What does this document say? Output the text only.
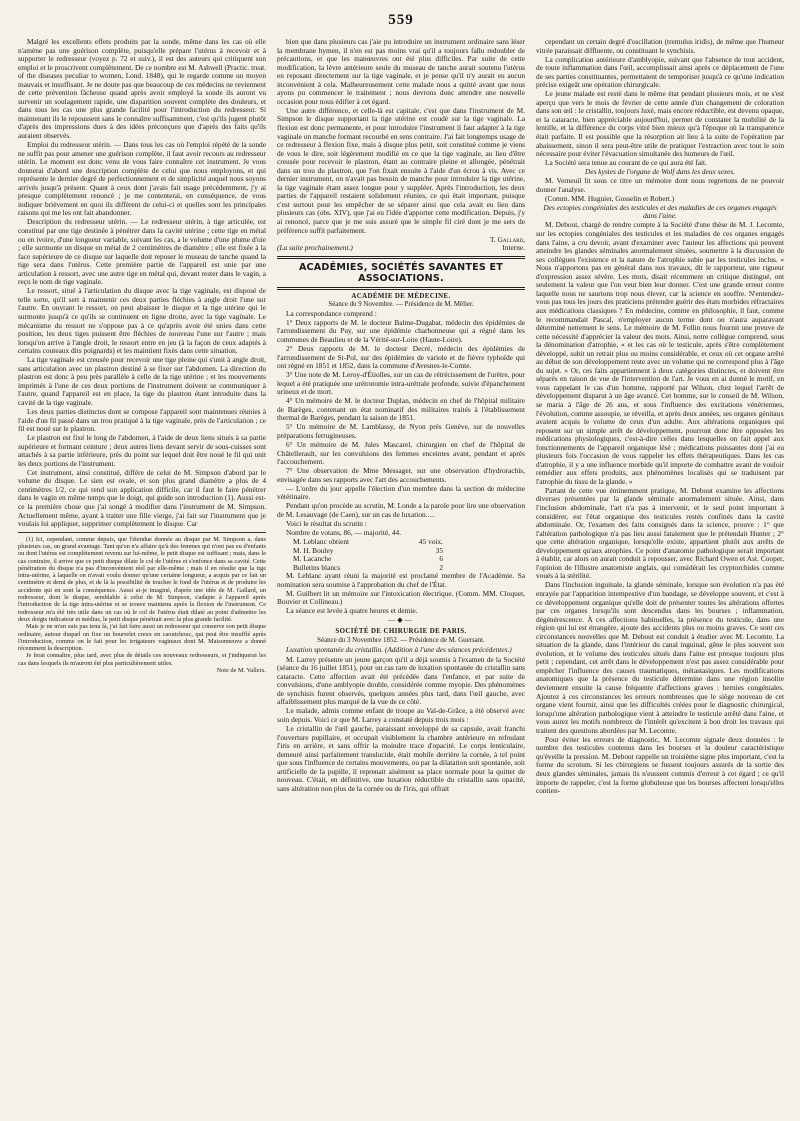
559

Malgré les excellents effets produits par la sonde, même dans les cas où elle n'amène pas une guérison complète, puisqu'elle prépare l'utérus à recevoir et à supporter le redresseur (voyez p. 72 et suiv.), il est des auteurs qui critiquent son emploi et le proscrivent complètement. De ce nombre est M. Ashwell (Practic. treat. of the diseases peculiar to women, Lond. 1848), qui le regarde comme un moyen mauvais et insuffisant. Je ne doute pas que beaucoup de ces médecins ne reviennent de cette prévention fâcheuse quand après avoir employé la sonde ils auront vu survenir un soulagement rapide, une disparition souvent complète des douleurs, et dans tous les cas une plus grande facilité pour l'introduction du redresseur. Si maintenant ils le repoussent sans le connaître suffisamment, c'est qu'ils jugent plutôt d'après des impressions dues à des idées préconçues que d'après des faits qu'ils auraient observés.

Emploi du redresseur utérin. — Dans tous les cas où l'emploi répété de la sonde ne suffit pas pour amener une guérison complète, il faut avoir recours au redresseur utérin. Le moment est donc venu de vous faire connaître cet instrument. Je vous donnerai d'abord une description complète de celui que nous employons, et qui représente le dernier degré de perfectionnement et de simplicité auquel nous soyons arrivés jusqu'à présent. Quant à ceux dont j'avais fait usage précédemment, j'y ai presque complètement renoncé ; je me contenterai, en conséquence, de vous indiquer brièvement en quoi ils diffèrent de celui-ci et quelles sont les principales raisons qui me les ont fait abandonner.

Description du redresseur utérin. — Le redresseur utérin, à tige articulée, est constitué par une tige destinée à pénétrer dans la cavité utérine ; cette tige en métal ou en ivoire, d'une longueur variable, suivant les cas, a le volume d'une plume d'oie ; elle surmonte un disque en métal de 2 centimètres de diamètre ; elle est fixée à la face supérieure de ce disque sur laquelle doit reposer le museau de tanche quand la tige sera dans l'utérus. Cette première partie de l'appareil est unie par une articulation à ressort, avec une autre tige en métal qui, devant rester dans le vagin, a reçu le nom de tige vaginale.

Le ressort, situé à l'articulation du disque avec la tige vaginale, est disposé de telle sorte, qu'il sert à maintenir ces deux parties fléchies à angle droit l'une sur l'autre. En ouvrant le ressort, on peut abaisser le disque et la tige utérine qui le surmonte jusqu'à ce qu'ils se continuent en ligne droite, avec la tige vaginale. Le mécanisme du ressort ne s'oppose pas à ce qu'après avoir été unies dans cette position, les deux tiges puissent être fléchies de nouveau l'une sur l'autre ; mais lorsqu'on arrive à l'angle droit, le ressort entre en jeu (à la façon de ceux adaptés à certains couteaux dits poignards) et les maintient fixés dans cette situation.

La tige vaginale est creusée pour recevoir une tige pleine qui s'unit à angle droit, sans articulation avec un plastron destiné à se fixer sur l'abdomen. La direction du plastron est donc à peu près parallèle à celle de la tige utérine ; et les mouvements imprimés à l'une de ces deux portions de l'instrument doivent se communiquer à l'autre, quand l'appareil est en place, la tige du plastron étant introduite dans la cavité de la tige vaginale.

Les deux parties distinctes dont se compose l'appareil sont maintenues réunies à l'aide d'un fil passé dans un trou pratiqué à la tige vaginale, près de l'articulation ; ce fil est noué sur le plastron.

Le plastron est fixé le long de l'abdomen, à l'aide de deux liens situés à sa partie supérieure et formant ceinture ; deux autres liens devant servir de sous-cuisses sont attachés à sa partie inférieure, près du point sur lequel doit être noué le fil qui unit les deux portions de l'instrument.

Cet instrument, ainsi constitué, diffère de celui de M. Simpson d'abord par le volume du disque. Le sien est ovale, et son plus grand diamètre a plus de 4 centimètres 1/2, ce qui rend son application difficile, car il faut le faire pénétrer dans le vagin en même temps que le doigt, qui guide son introduction (1). Aussi est-ce la première chose que j'ai songé à modifier dans l'instrument de M. Simpson. Actuellement même, ayant à traiter une fille vierge, j'ai fait sur l'instrument que je voulais lui appliquer, supprimer complètement le disque. Car

(1) Ici, cependant, comme depuis, que l'étendue donnée au disque par M. Simpson a, dans plusieurs cas, un grand avantage. Tant qu'on n'a affaire qu'à des femmes qui n'ont pas eu d'enfants ou dont l'utérus est complètement revenu sur lui-même, le petit disque est suffisant ; mais, dans le cas contraire, il arrive que ce petit disque dilate le col de l'utérus et s'enfonce dans sa cavité. Cette pénétration du disque n'a pas d'inconvénient réel par elle-même ; mais il en résulte que la tige intra-utérine, à laquelle on n'avait voulu donner qu'une certaine longueur, a acquis par ce fait un centimètre et demi de plus, et de là la possibilité de toucher le fond de l'utérus et de produire les accidents qui en sont la conséquence. Aussi ai-je imaginé, d'après une idée de M. Gallard, un redresseur, dont le disque, semblable à celui de M. Simpson, s'adapte à l'appareil après l'introduction de la tige intra-utérine et se trouve maintenu après la flexion de l'instrument. Ce redresseur m'a été très utile dans un cas où le col de l'utérus était dilaté au point d'admettre les deux doigts indicateur et médius, le petit disque pénétrait avec la plus grande facilité.

Mais je ne m'en suis pas tenu là, j'ai fait faire aussi un redresseur qui conserve son petit disque ordinaire, autour duquel on fixe un bourrelet creux en caoutchouc, qui peut être insufflé après l'introduction, comme on le fait pour les irrigateurs vaginaux dont M. Maisonneuve a donné récemment la description.

Je ferai connaître, plus tard, avec plus de détails ces nouveaux redresseurs, et j'indiquerai les cas dans lesquels ils m'auront été plus particulièrement utiles.

Note de M. Valleix.

bien que dans plusieurs cas j'aie pu introduire un instrument ordinaire sans léser la membrane hymen, il n'en est pas moins vrai qu'il a toujours fallu redoubler de précautions, et que les manœuvres ont été plus difficiles. Par suite de cette modification, la lèvre antérieure seule du museau de tanche aurait soutenu l'utérus en reposant directement sur la tige vaginale, et je pense qu'il n'y aurait eu aucun inconvénient à cela. Malheureusement cette malade nous a quitté avant que nous ayons pu commencer le traitement ; nous devrons donc attendre une nouvelle occasion pour nous édifier à cet égard.

Une autre différence, et celle-là est capitale, c'est que dans l'instrument de M. Simpson le disque supportant la tige utérine est coudé sur la tige vaginale. La flexion est donc permanente, et pour introduire l'instrument il faut adapter à la tige vaginale un manche formant recourbé en sens contraire. J'ai fait longtemps usage de ce redresseur à flexion fixe, mais à disque plus petit, soit constitué comme je viens de vous le dire, soit légèrement modifié en ce que la tige vaginale, au lieu d'être creusée pour recevoir le plastron, étant au contraire pleine et allongée, pénétrait dans un trou du plastron, que l'on fixait ensuite à l'aide d'un écrou à vis. Avec ce dernier instrument, on n'avait pas besoin de manche pour introduire la tige utérine, la tige vaginale étant assez longue pour y suppléer. Après l'introduction, les deux parties de l'appareil restaient solidement réunies, ce qui était important, puisque c'est surtout pour les empêcher de se séparer ainsi que cela avait eu lieu dans plusieurs cas (obs. XIV), que j'ai eu l'idée d'apporter cette modification. Depuis, j'y ai renoncé, parce que je me suis assuré que le simple fil ciré dont je me sers de préférence suffit parfaitement.

T. Gallard,
(La suite prochainement.)	Interne.
ACADÉMIES, SOCIÉTÉS SAVANTES ET ASSOCIATIONS.
ACADÉMIE DE MÉDECINE.
Séance du 9 Novembre. — Présidence de M. Mêlier.

La correspondance comprend :

1° Deux rapports de M. le docteur Balme-Dugabat, médecin des épidémies de l'arrondissement du Puy, sur une épidémie charbonneuse qui a régné dans les communes de Beaulieu et de la Vérité-sur-Loire (Haute-Loire).

2° Deux rapports de M. le docteur Decré, médecin des épidémies de l'arrondissement de St-Pol, sur des épidémies de variole et de fièvre typhoïde qui ont régné en 1851 et 1852, dans la commune d'Avesnes-le-Comte.

3° Une note de M. Leroy-d'Étiolles, sur un cas de rétrécissement de l'urètre, pour lequel a été pratiquée une urétrotomie intra-urétrale profonde, suivie d'épanchement urineux et de mort.

4° Un mémoire de M. le docteur Duplan, médecin en chef de l'hôpital militaire de Barèges, contenant un état nominatif des militaires traités à l'établissement thermal de Barèges, pendant la saison de 1851.

5° Un mémoire de M. Lamblassy, de Nyon près Genève, sur de nouvelles préparations ferrugineuses.

6° Un mémoire de M. Jules Mascarel, chirurgien en chef de l'hôpital de Châtellerault, sur les convulsions des femmes enceintes avant, pendant et après l'accouchement.

7° Une observation de Mme Messager, sur une observation d'hydrorachis, envisagée dans ses rapports avec l'art des accouchements.

— L'ordre du jour appelle l'élection d'un membre dans la section de médecine vétérinaire.

Pendant qu'on procède au scrutin, M. Londe a la parole pour lire une observation de M. Lesauvage (de Caen), sur un cas de luxation.....

Voici le résultat du scrutin :

Nombre de votans, 86, — majorité, 44.

M. Leblanc obtient	45 voix.
M. H. Bouley	35
M. Lacanche	6
Bulletins blancs	2

M. Leblanc ayant réuni la majorité est proclamé membre de l'Académie. Sa nomination sera soumise à l'approbation du chef de l'État.

M. Guilbert lit un mémoire sur l'intoxication électrique. (Comm. MM. Cloquet, Bouvier et Collineau.)

La séance est levée à quatre heures et demie.

—◆—
SOCIÉTÉ DE CHIRURGIE DE PARIS.
Séance du 3 Novembre 1852. — Présidence de M. Guersant.

Luxation spontanée du cristallin. (Addition à l'une des séances précédentes.)

M. Larrey présente un jeune garçon qu'il a déjà soumis à l'examen de la Société (séance du 16 juillet 1851), pour un cas rare de luxation spontanée du cristallin sans cataracte. Cette affection avait été précédée dans l'enfance, et par suite de convulsions, d'une amblyopie double, considérée comme myopie. Des phénomènes de synchisis furent observés, quelques années plus tard, dans l'œil gauche, avec affaiblissement plus marqué de la vue de ce côté.

Le malade, admis comme enfant de troupe au Val-de-Grâce, a été observé avec soin depuis. Voici ce que M. Larrey a constaté depuis trois mois :

Le cristallin de l'œil gauche, paraissant enveloppé de sa capsule, avait franchi l'ouverture pupillaire, et occupait visiblement la chambre antérieure en refoulant l'iris en arrière, et sans offrir la moindre trace d'opacité. Le corps lenticulaire, demeuré ainsi parfaitement translucide, était mobile derrière la cornée, à tel point que sous l'influence de certains mouvements, ou par la dilatation soit spontanée, soit artificielle de la pupille, il reprenait aisément sa place normale pour la quitter de nouveau. C'était, en définitive, une luxation réductible du cristallin sans opacité, sans altération non plus de la cornée ou de l'iris, qui offrait

cependant un certain degré d'oscillation (tremulus iridis), de même que l'humeur vitrée paraissait diffluente, ou constituant le synchisis.

La complication antérieure d'amblyopie, suivant que l'absence de tout accident, de toute inflammation dans l'œil, accomplissait ainsi après ce déplacement de l'une de ses parties constituantes, permettaient de temporiser jusqu'à ce qu'une indication précise exigeât une opération chirurgicale.

Le jeune malade est resté dans le même état pendant plusieurs mois, et ne s'est aperçu que vers le mois de février de cette année d'un changement de coloration dans son œil : le cristallin, toujours luxé, mais encore réductible, est devenu opaque, et la cataracte, bien appréciable aujourd'hui, permet de constater la mobilité de la lentille, et la différence du corps vitré bien mieux qu'à l'époque où la transparence était parfaite. Il est possible que la résorption ait lieu à la suite de l'opération par abaissement, sinon il sera peut-être utile de pratiquer l'extraction avec tout le soin nécessaire pour éviter l'évacuation simultanée des humeurs de l'œil.

La Société sera tenue au courant de ce qui aura été fait.

Des kystes de l'organe de Wolf dans les deux sexes.

M. Verneuil lit sous ce titre un mémoire dont nous regrettons de ne pouvoir donner l'analyse.

(Comm. MM. Huguier, Gosselin et Robert.)

Des ectopies congéniales des testicules et des maladies de ces organes engagés dans l'aine.

M. Debout, chargé de rendre compte à la Société d'une thèse de M. J. Lecomte, sur les ectopies congéniales des testicules et les maladies de ces organes engagés dans l'aine, a cru devoir, avant d'examiner avec l'auteur les affections qui peuvent atteindre les glandes séminales anormalement situées, soumettre à la discussion de ses collègues l'existence et la nature de l'atrophie subie par les testicules inclus. « Nous n'apportons pas en général dans nos travaux, dit le rapporteur, une rigueur d'expression assez sévère. Les mots, disait récemment un critique distingué, ont seulement la valeur que l'on veut bien leur donner. C'est une grande erreur contre laquelle nous ne saurions trop nous élever, car la science en souffre. N'entendez-vous pas tous les jours des praticiens prétendre guérir des états morbides réfractaires aux médications classiques ? En médecine, comme en philosophie, il faut, comme le recommandait Pascal, n'employer aucun terme dont on n'aura auparavant déterminé nettement le sens. Le mémoire de M. Follin nous fournit une preuve de cette nécessité d'apprécier la valeur des mots. Ainsi, notre collègue comprend, sous la dénomination d'atrophie, « et les cas où le testicule, après s'être complètement développé, subit un retrait plus ou moins considérable, et ceux où cet organe arrêté au début de son développement reste avec un volume qui ne correspond plus à l'âge du sujet. » Or, ces faits appartiennent à deux catégories distinctes, et doivent être séparés en raison de vue de l'intervention de l'art. Je vous en ai donné le motif, en vous rappelant le cas d'un homme, rapporté par Wilson, chez lequel l'arrêt de développement disparut à un âge avancé. Cet homme, sur le conseil de M. Wilson, se maria à l'âge de 26 ans, et sous l'influence des excitations vénériennes, l'évolution, comme assoupie, se réveilla, et après deux années, ses organes génitaux avaient acquis le volume de ceux d'un adulte. Aux altérations organiques qui reposent sur un simple arrêt de développement, pourront donc être opposées les médications physiologiques, c'est-à-dire celles dans lesquelles on fait appel aux fonctionnements de l'appareil organique lésé ; médications puissantes dont j'ai eu plusieurs fois l'occasion de vous rappeler les effets thérapeutiques. Dans les cas d'atrophie, il y a une influence morbide qu'il importe de combattre avant de vouloir remédier aux effets produits, aux phénomènes localisés qui se traduisent par l'atrophie du tissu de la glande. »

Partant de cette vue éminemment pratique, M. Debout examine les affections diverses présentées par la glande séminale anormalement située. Ainsi, dans l'inclusion abdominale, l'art n'a pas à intervenir, et le seul point important à considérer, est l'état organique des testicules restés confinés dans la cavité abdominale. Or, l'examen des faits consignés dans la science, prouve : 1° que l'altération pathologique n'a pas lieu aussi fatalement que le prétendait Hunter ; 2° que cette altération organique, lorsqu'elle existe, appartient plutôt aux arrêts de développement qu'aux atrophies. Ce point d'anatomie pathologique serait important à établir, car alors on aurait conduit à repousser, avec Richard Owen et Ast. Cooper, l'opinion de l'illustre anatomiste anglais, qui considérait les cryptorchides comme voués à la stérilité.

Dans l'inclusion inguinale, la glande séminale, lorsque son évolution n'a pas été enrayée par l'apparition intempestive d'un bandage, se développe souvent, et c'est à ce développement organique qu'elle doit de présenter toutes les altérations offertes par ces organes lorsqu'ils sont descendus dans les bourses ; inflammation, dégénérescence. À ces affections habituelles, la présence du testicule, dans une région qui lui est étrangère, ajoute des accidents plus ou moins graves. Ce sont ces circonstances nouvelles que M. Debout est conduit à étudier avec M. Lecomte. La situation de la glande, dans l'intérieur du canal inguinal, gêne le plus souvent son évolution, et le volume des testicules situés dans l'aine est presque toujours plus petit ; cependant, cet arrêt dans le développement n'est pas assez considérable pour empêcher l'influence des causes traumatiques, métastasiques. Les modifications anatomiques que la présence du testicule détermine dans une région insolite deviennent ensuite la cause fréquente d'affections graves : hernies congéniales. Ajoutez à ces circonstances les erreurs nombreuses que le siège nouveau de cet organe vient fournir, ainsi que les difficultés créées pour le diagnostic chirurgical, lorsqu'une altération pathologique vient à atteindre le testicule arrêté dans l'aine, et vous aurez les motifs nombreux de l'intérêt qu'excitent à bon droit les travaux qui traitent des questions abordées par M. Lecomte.

Pour éviter les erreurs de diagnostic, M. Lecomte signale deux données : le nombre des testicules contenus dans les bourses et la douleur caractéristique qu'éveille la pression. M. Debout rappelle un troisième signe plus important, c'est la forme du scrotum. Si les chirurgiens se fussent toujours assurés de la sortie des deux glandes séminales, jamais ils n'eussent commis d'erreur à cet égard ; ce qu'il importe de rappeler, c'est la forme globuleuse que les bourses affectent lorsqu'elles contien-
